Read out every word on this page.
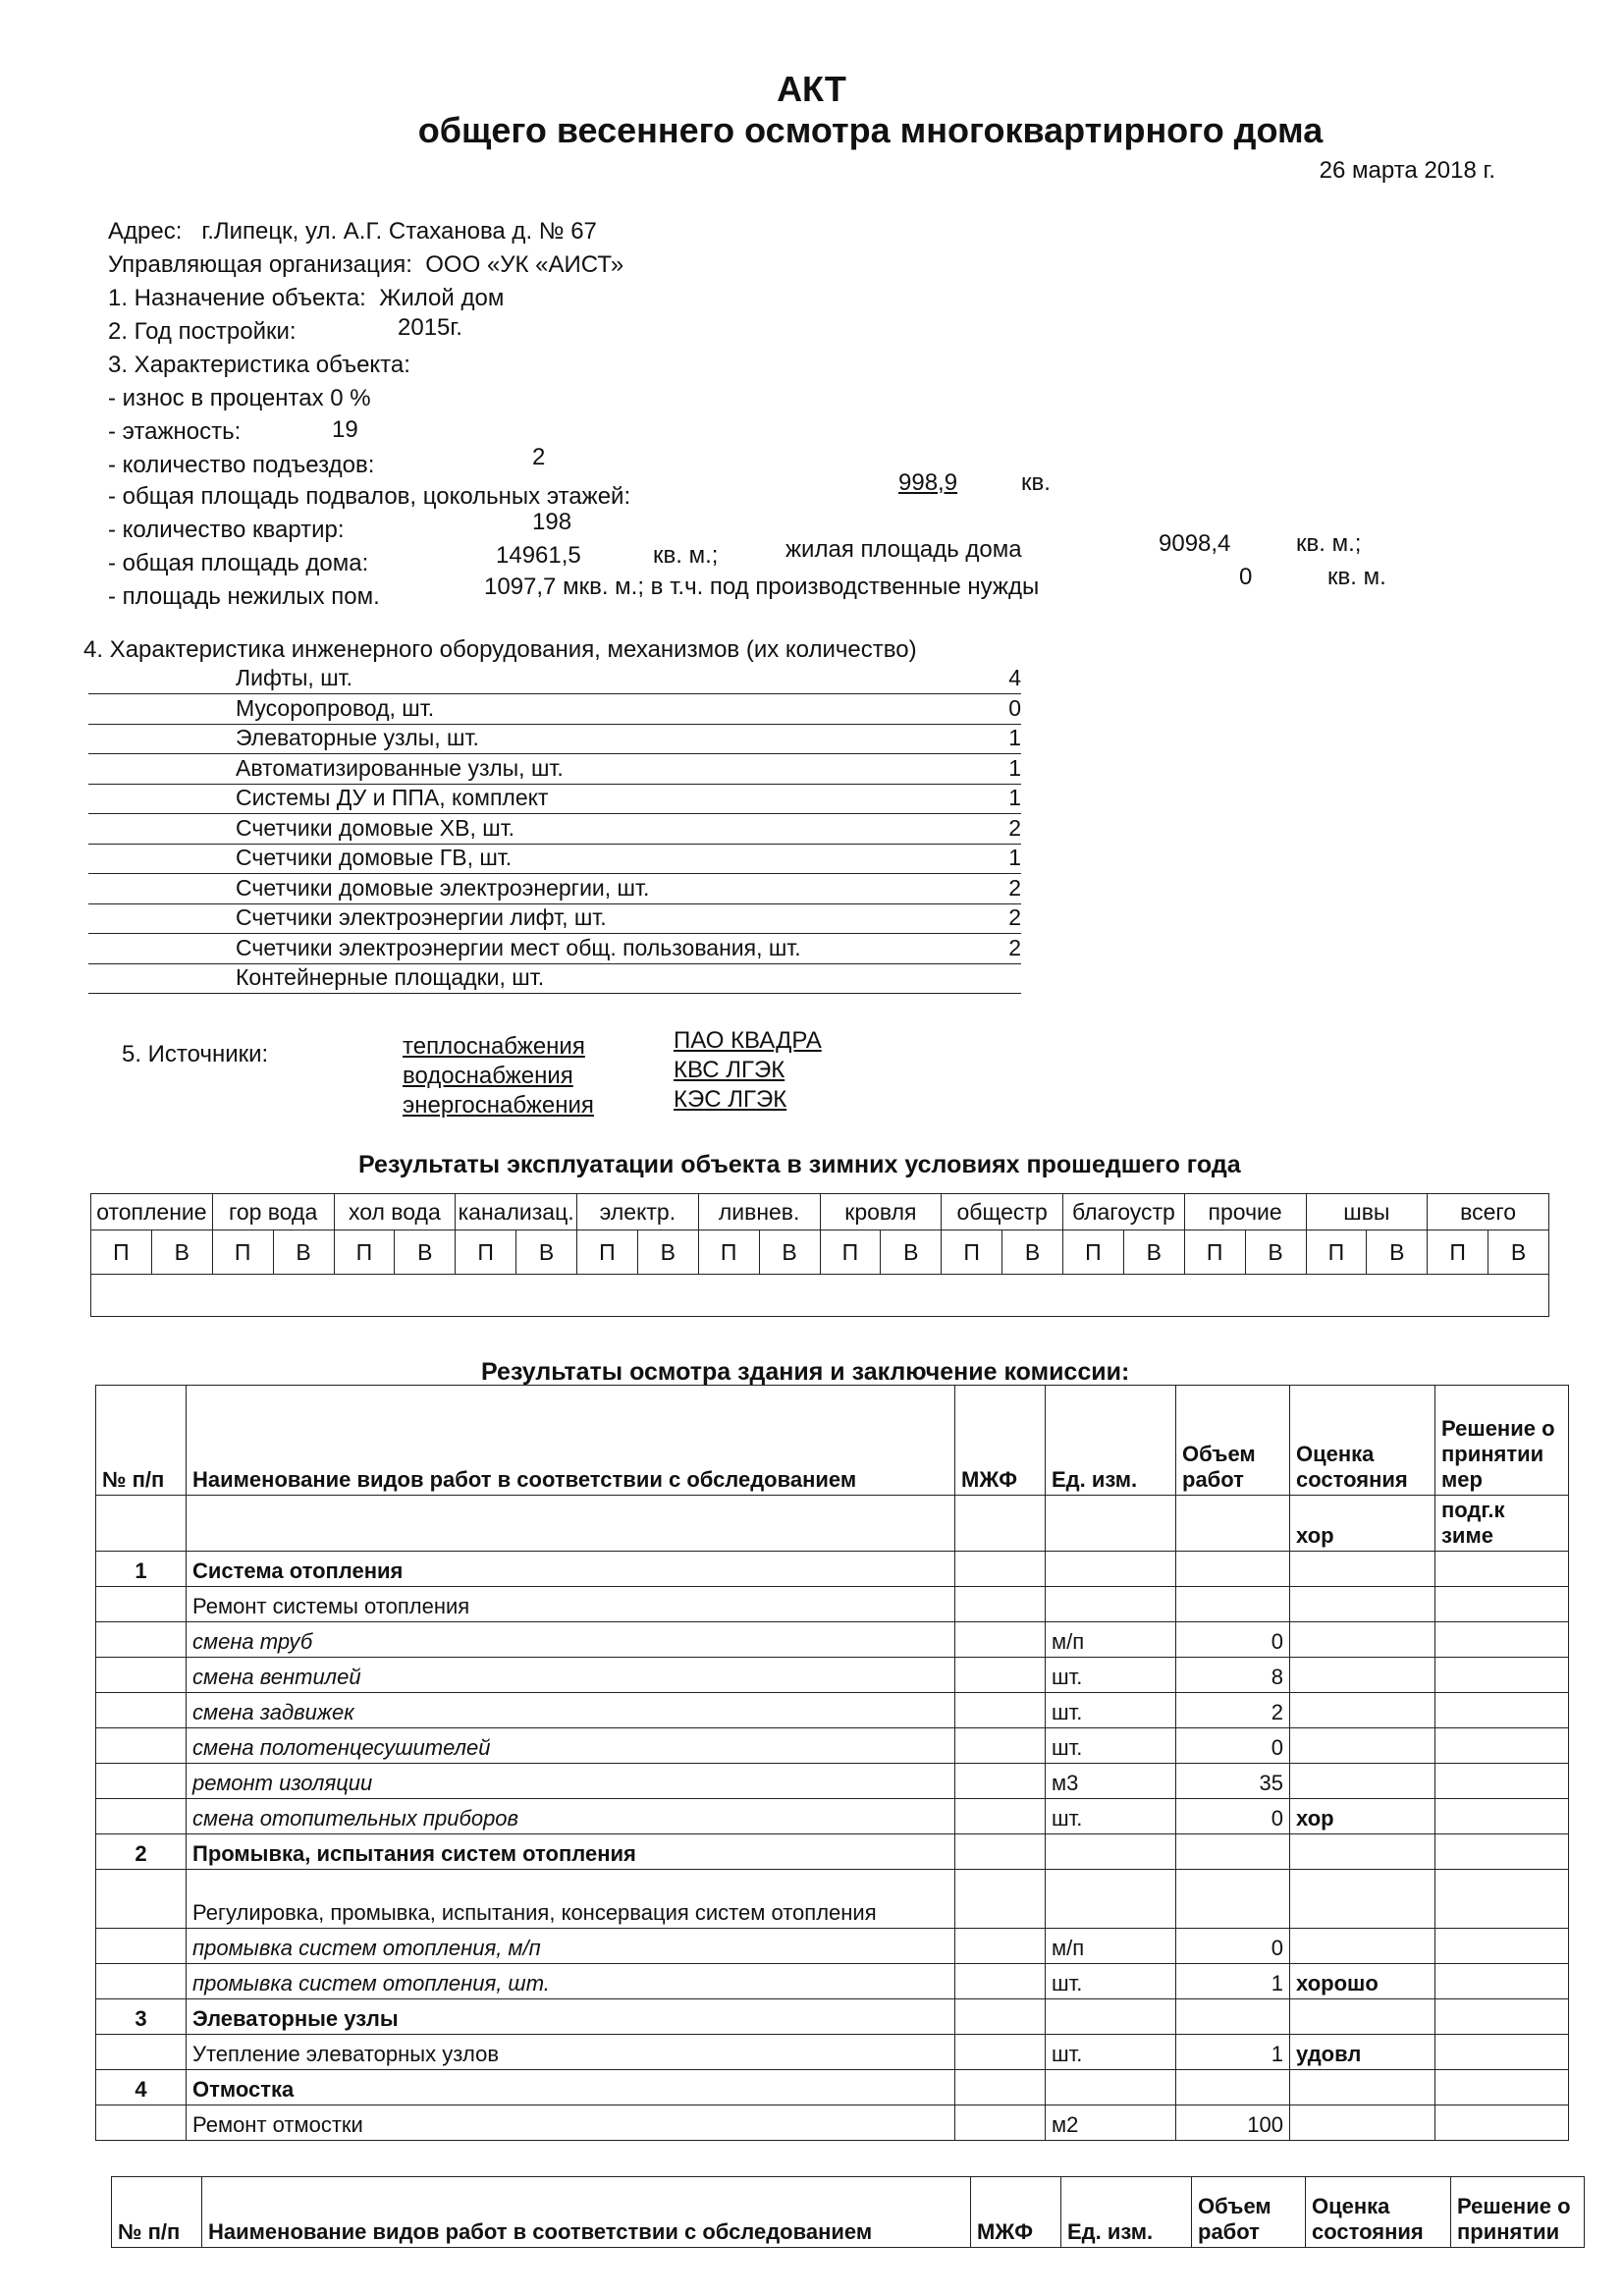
АКТ
общего весеннего осмотра многоквартирного дома
26 марта 2018 г.
Адрес: г.Липецк, ул. А.Г. Стаханова д. № 67
Управляющая организация: ООО «УК «АИСТ»
1. Назначение объекта: Жилой дом
2. Год постройки:	2015г.
3. Характеристика объекта:
- износ в процентах 0 %
- этажность:	19
- количество подъездов:	2
- общая площадь подвалов, цокольных этажей:
998,9	кв.
- количество квартир:	198
- общая площадь дома:	14961,5	кв. м.;	жилая площадь дома	9098,4	кв. м.;
- площадь нежилых пом.	1097,7 мкв. м.; в т.ч. под производственные нужды	0	кв. м.
4. Характеристика инженерного оборудования, механизмов (их количество)
Лифты, шт.	4
Мусоропровод, шт.	0
Элеваторные узлы, шт.	1
Автоматизированные узлы, шт.	1
Системы ДУ и ППА, комплект	1
Счетчики домовые ХВ, шт.	2
Счетчики домовые ГВ, шт.	1
Счетчики домовые электроэнергии, шт.	2
Счетчики электроэнергии лифт, шт.	2
Счетчики электроэнергии мест общ. пользования, шт.	2
Контейнерные площадки, шт.
5. Источники:	теплоснабжения	ПАО КВАДРА
водоснабжения	КВС ЛГЭК
энергоснабжения	КЭС ЛГЭК
Результаты эксплуатации объекта в зимних условиях прошедшего года
отопление		гор вода		хол вода		канализац.		электр.		ливнев.		кровля		общестр		благоустр		прочие		швы		всего	
П	В	П	В	П	В	П	В	П	В	П	В	П	В	П	В	П	В	П	В	П	В	П	В

Результаты осмотра здания и заключение комиссии:
№ п/п	Наименование видов работ в соответствии с обследованием	МЖФ	Ед. изм.	Объем работ	Оценка состояния	Решение о принятии мер
					хор	подг.к зиме
1	Система отопления					
	Ремонт системы отопления					
	смена труб		м/п	0		
	смена вентилей		шт.	8		
	смена задвижек		шт.	2		
	смена полотенцесушителей		шт.	0		
	ремонт изоляции		м3	35		
	смена отопительных приборов		шт.	0	хор	
2	Промывка, испытания систем отопления					
	Регулировка, промывка, испытания, консервация систем отопления					
	промывка систем отопления, м/п		м/п	0		
	промывка систем отопления, шт.		шт.	1	хорошо	
3	Элеваторные узлы					
	Утепление элеваторных узлов		шт.	1	удовл	
4	Отмостка					
	Ремонт отмостки		м2	100		
№ п/п	Наименование видов работ в соответствии с обследованием	МЖФ	Ед. изм.	Объем работ	Оценка состояния	Решение о принятии
